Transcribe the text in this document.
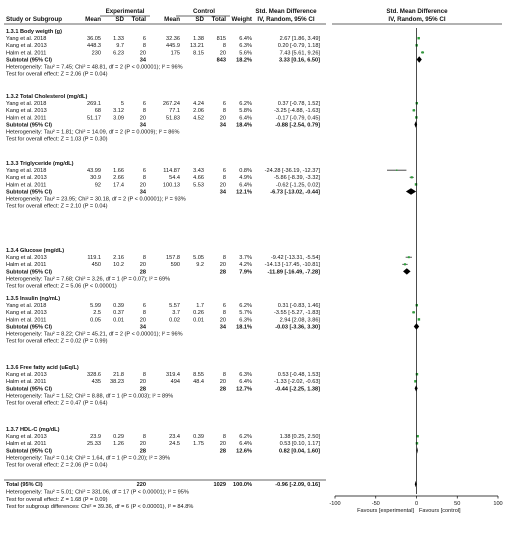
Experimental	Control	Std. Mean Difference	Std. Mean Difference
Study or Subgroup	Mean SD Total	Mean SD Total Weight IV, Random, 95% CI	IV, Random, 95% CI
1.3.1 Body weigth (g)
Yang et al. 2018	36.05 1.33	6	32.36 1.38 815 6.4%	2.67 [1.86, 3.49]
Kang et al. 2013	448.3	9.7	8	445.9 13.21	8 6.3%	0.20 [-0.79, 1.18]
Halm et al. 2011	230 6.23	20	175 8.15	20 5.6%	7.43 [5.61, 9.26]
Subtotal (95% CI)	34	843 18.2%	3.33 [0.16, 6.50]
Heterogeneity: Tau² = 7.45; Chi² = 48.81, df = 2 (P < 0.00001); I² = 96%
Test for overall effect: Z = 2.06 (P = 0.04)
1.3.2 Total Cholesterol (mg/dL)
Yang et al. 2018	269.1	5	6	267.24 4.24	6 6.2%	0.37 [-0.78, 1.52]
Kang et al. 2013	68 3.12	8	77.1 2.06	8 5.8%	-3.25 [-4.88, -1.63]
Halm et al. 2011	51.17 3.09	20	51.83 4.52	20 6.4%	-0.17 [-0.79, 0.45]
Subtotal (95% CI)	34	34 18.4%	-0.88 [-2.54, 0.79]
Heterogeneity: Tau² = 1.81; Chi² = 14.09, df = 2 (P = 0.0009); I² = 86%
Test for overall effect: Z = 1.03 (P = 0.30)
1.3.3 Triglyceride (mg/dL)
Yang et al. 2018	43.99 1.66	6	114.87 3.43	6 0.8% -24.28 [-36.19, -12.37]
Kang et al. 2013	30.9 2.66	8	54.4 4.66	8 4.9%	-5.86 [-8.39, -3.32]
Halm et al. 2011	92 17.4	20	100.13 5.53	20 6.4%	-0.62 [-1.25, 0.02]
Subtotal (95% CI)	34	34 12.1%	-6.73 [-13.02, -0.44]
Heterogeneity: Tau² = 23.95; Chi² = 30.18, df = 2 (P < 0.00001); I² = 93%
Test for overall effect: Z = 2.10 (P = 0.04)
1.3.4 Glucose (mg/dL)
Kang et al. 2013	119.1 2.16	8	157.8 5.05	8 3.7%	-9.42 [-13.31, -5.54]
Halm et al. 2011	450 10.2	20	590	9.2	20 4.2% -14.13 [-17.45, -10.81]
Subtotal (95% CI)	28	28 7.9%	-11.89 [-16.49, -7.28]
Heterogeneity: Tau² = 7.68; Chi² = 3.26, df = 1 (P = 0.07); I² = 69%
Test for overall effect: Z = 5.06 (P < 0.00001)
1.3.5 Insulin (ng/mL)
Yang et al. 2018	5.99 0.39	6	5.57	1.7	6 6.2%	0.31 [-0.83, 1.46]
Kang et al. 2013	2.5 0.37	8	3.7 0.26	8 5.7%	-3.55 [-5.27, -1.83]
Halm et al. 2011	0.05 0.01	20	0.02 0.01	20 6.3%	2.94 [2.08, 3.86]
Subtotal (95% CI)	34	34 18.1%	-0.03 [-3.36, 3.30]
Heterogeneity: Tau² = 8.22; Chi² = 45.21, df = 2 (P < 0.00001); I² = 96%
Test for overall effect: Z = 0.02 (P = 0.99)
1.3.6 Free fatty acid (uEq/L)
Kang et al. 2013	328.6 21.8	8	319.4 8.55	8 6.3%	0.53 [-0.48, 1.53]
Halm et al. 2011	435 38.23	20	494 48.4	20 6.4%	-1.33 [-2.02, -0.63]
Subtotal (95% CI)	28	28 12.7%	-0.44 [-2.25, 1.38]
Heterogeneity: Tau² = 1.52; Chi² = 8.88, df = 1 (P = 0.003); I² = 89%
Test for overall effect: Z = 0.47 (P = 0.64)
1.3.7 HDL-C (mg/dL)
Kang et al. 2013	23.9 0.29	8	23.4 0.39	8 6.2%	1.38 [0.25, 2.50]
Halm et al. 2011	25.33 1.26	20	24.5 1.75	20 6.4%	0.53 [0.10, 1.17]
Subtotal (95% CI)	28	28 12.6%	0.82 [0.04, 1.60]
Heterogeneity: Tau² = 0.14; Chi² = 1.64, df = 1 (P = 0.20); I² = 39%
Test for overall effect: Z = 2.06 (P = 0.04)
Total (95% CI)	220	1029 100.0%	-0.96 [-2.09, 0.16]
Heterogeneity: Tau² = 5.01; Chi² = 331.06, df = 17 (P < 0.00001); I² = 95%
Test for overall effect: Z = 1.68 (P = 0.09)
Test for subgroup differences: Chi² = 39.36, df = 6 (P < 0.00001), I² = 84.8%
-100	-50	0	50	100
Favours [experimental] Favours [control]
